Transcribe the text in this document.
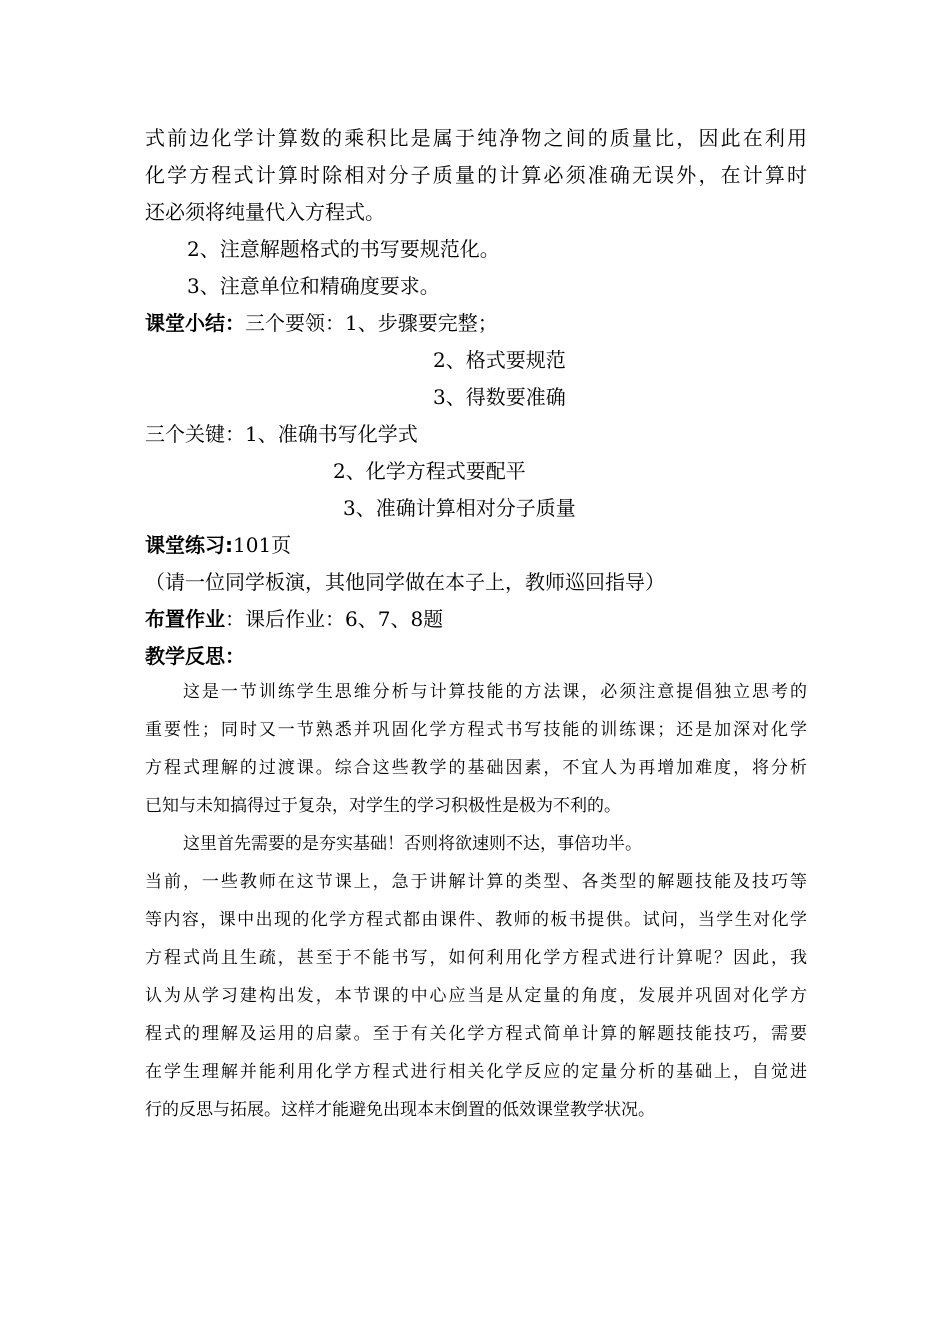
式前边化学计算数的乘积比是属于纯净物之间的质量比，因此在利用
化学方程式计算时除相对分子质量的计算必须准确无误外，在计算时
还必须将纯量代入方程式。
2、注意解题格式的书写要规范化。
3、注意单位和精确度要求。
课堂小结：三个要领：1、步骤要完整；
2、格式要规范
3、得数要准确
三个关键：1、准确书写化学式
2、化学方程式要配平
3、准确计算相对分子质量
课堂练习:101页
（请一位同学板演，其他同学做在本子上，教师巡回指导）
布置作业：课后作业：6、7、8题
教学反思：
这是一节训练学生思维分析与计算技能的方法课，必须注意提倡独立思考的
重要性；同时又一节熟悉并巩固化学方程式书写技能的训练课；还是加深对化学
方程式理解的过渡课。综合这些教学的基础因素，不宜人为再增加难度，将分析
已知与未知搞得过于复杂，对学生的学习积极性是极为不利的。
这里首先需要的是夯实基础！否则将欲速则不达，事倍功半。
当前，一些教师在这节课上，急于讲解计算的类型、各类型的解题技能及技巧等
等内容，课中出现的化学方程式都由课件、教师的板书提供。试问，当学生对化学
方程式尚且生疏，甚至于不能书写，如何利用化学方程式进行计算呢？因此，我
认为从学习建构出发，本节课的中心应当是从定量的角度，发展并巩固对化学方
程式的理解及运用的启蒙。至于有关化学方程式简单计算的解题技能技巧，需要
在学生理解并能利用化学方程式进行相关化学反应的定量分析的基础上，自觉进
行的反思与拓展。这样才能避免出现本末倒置的低效课堂教学状况。
